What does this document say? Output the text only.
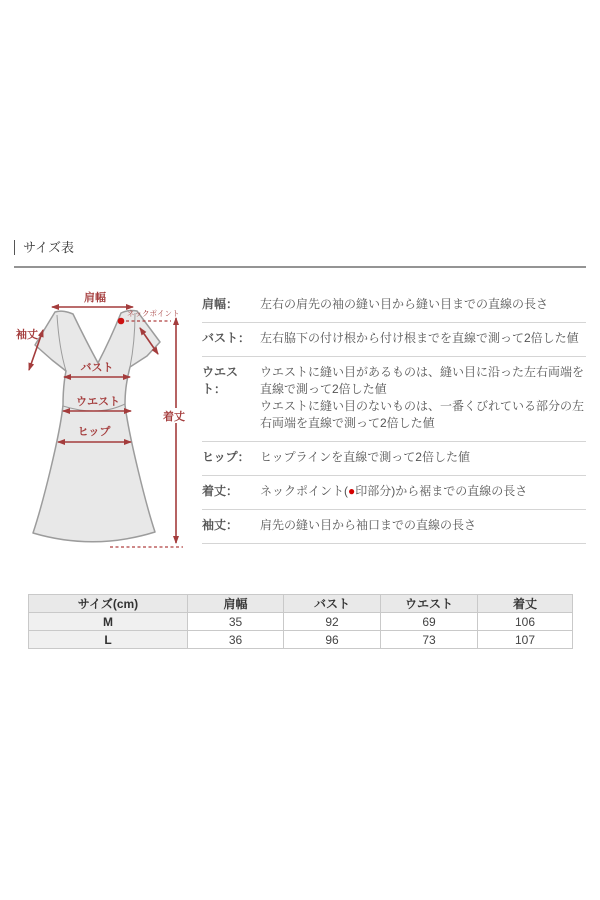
サイズ表
肩幅
ネックポイント
袖丈
バスト
ウエスト
ヒップ
着丈
肩幅：	左右の肩先の袖の縫い目から縫い目までの直線の長さ
バスト： 左右脇下の付け根から付け根までを直線で測って2倍した値
ウエスト：
ウエストに縫い目があるものは、縫い目に沿った左右両端を直線で測って2倍した値
ウエストに縫い目のないものは、一番くびれている部分の左右両端を直線で測って2倍した値
ヒップ： ヒップラインを直線で測って2倍した値
着丈：	ネックポイント(●印部分)から裾までの直線の長さ
袖丈：	肩先の縫い目から袖口までの直線の長さ
サイズ(cm)	肩幅	バスト	ウエスト	着丈
M	35	92	69	106
L	36	96	73	107
